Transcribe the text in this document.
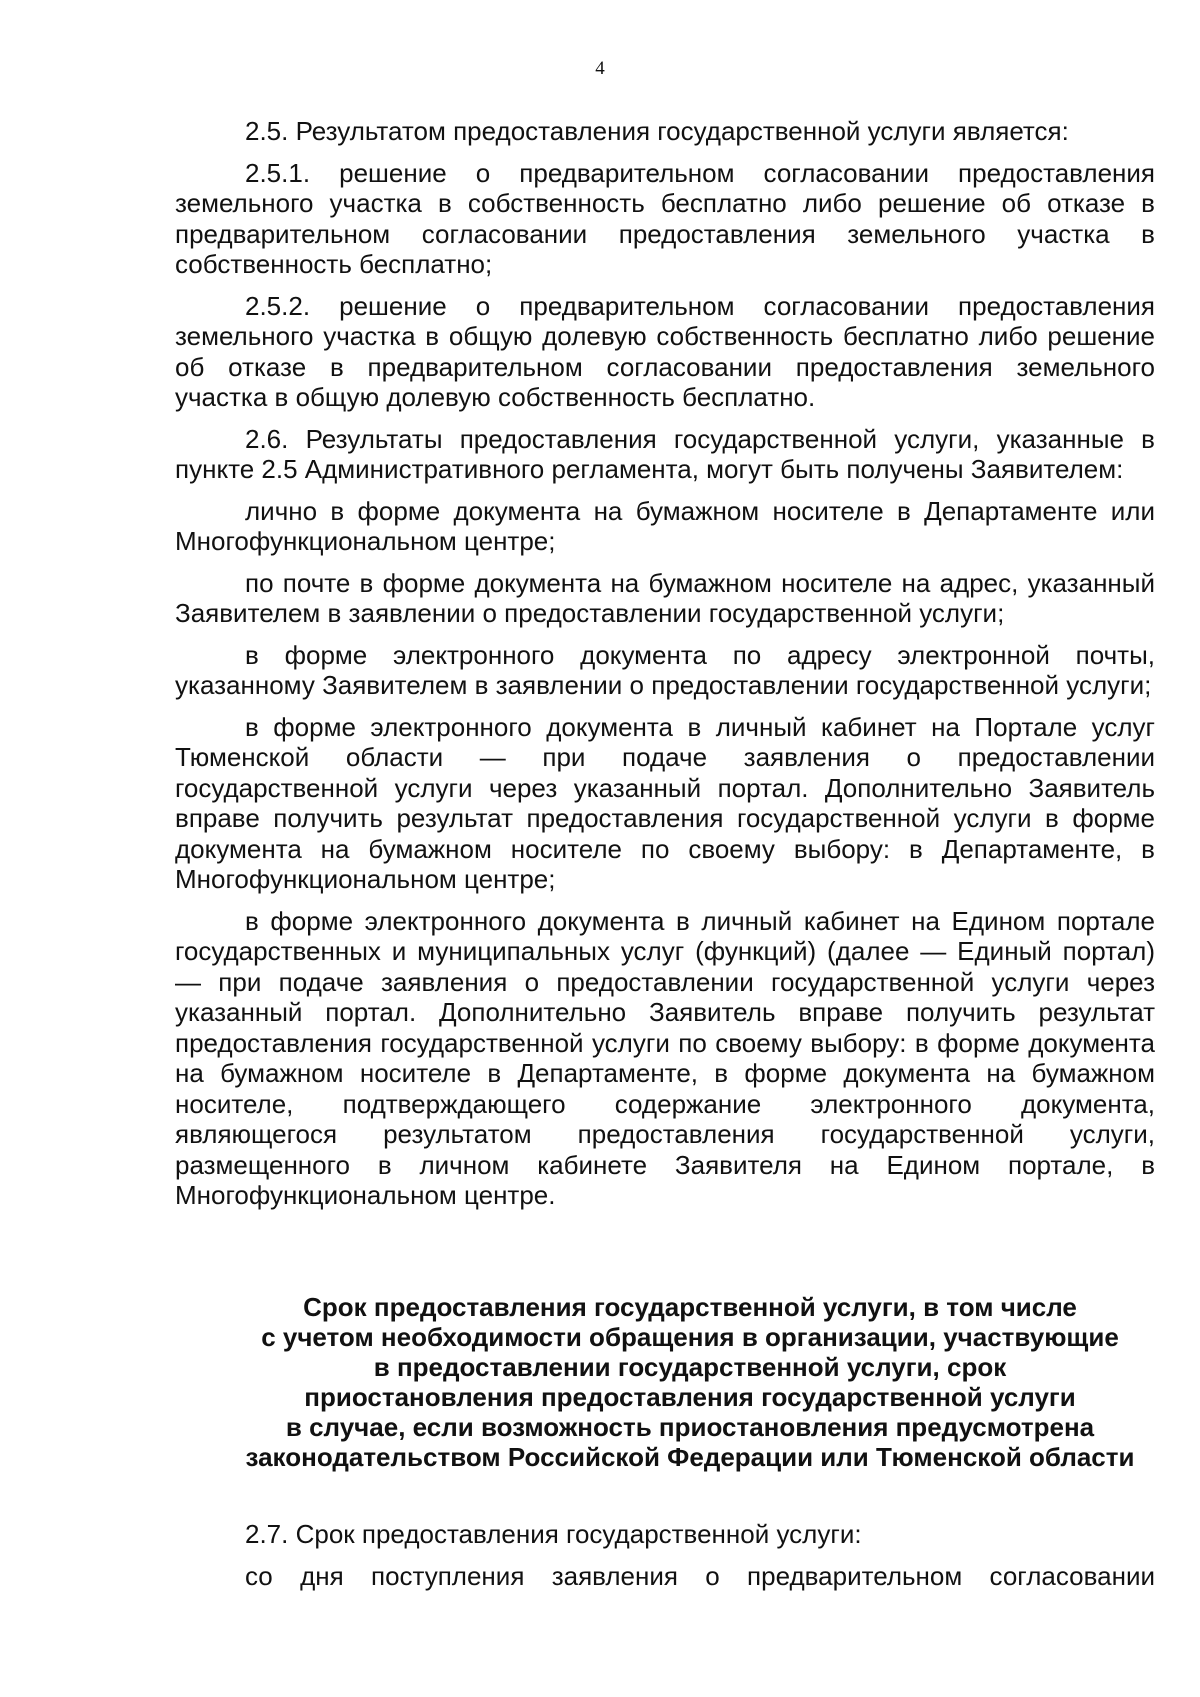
4

2.5. Результатом предоставления государственной услуги является:

2.5.1. решение о предварительном согласовании предоставления земельного участка в собственность бесплатно либо решение об отказе в предварительном согласовании предоставления земельного участка в собственность бесплатно;

2.5.2. решение о предварительном согласовании предоставления земельного участка в общую долевую собственность бесплатно либо решение об отказе в предварительном согласовании предоставления земельного участка в общую долевую собственность бесплатно.

2.6. Результаты предоставления государственной услуги, указанные в пункте 2.5 Административного регламента, могут быть получены Заявителем:

лично в форме документа на бумажном носителе в Департаменте или Многофункциональном центре;

по почте в форме документа на бумажном носителе на адрес, указанный Заявителем в заявлении о предоставлении государственной услуги;

в форме электронного документа по адресу электронной почты, указанному Заявителем в заявлении о предоставлении государственной услуги;

в форме электронного документа в личный кабинет на Портале услуг Тюменской области — при подаче заявления о предоставлении государственной услуги через указанный портал. Дополнительно Заявитель вправе получить результат предоставления государственной услуги в форме документа на бумажном носителе по своему выбору: в Департаменте, в Многофункциональном центре;

в форме электронного документа в личный кабинет на Едином портале государственных и муниципальных услуг (функций) (далее — Единый портал) — при подаче заявления о предоставлении государственной услуги через указанный портал. Дополнительно Заявитель вправе получить результат предоставления государственной услуги по своему выбору: в форме документа на бумажном носителе в Департаменте, в форме документа на бумажном носителе, подтверждающего содержание электронного документа, являющегося результатом предоставления государственной услуги, размещенного в личном кабинете Заявителя на Едином портале, в Многофункциональном центре.

Срок предоставления государственной услуги, в том числе
с учетом необходимости обращения в организации, участвующие
в предоставлении государственной услуги, срок
приостановления предоставления государственной услуги
в случае, если возможность приостановления предусмотрена
законодательством Российской Федерации или Тюменской области

2.7. Срок предоставления государственной услуги:

со дня поступления заявления о предварительном согласовании
